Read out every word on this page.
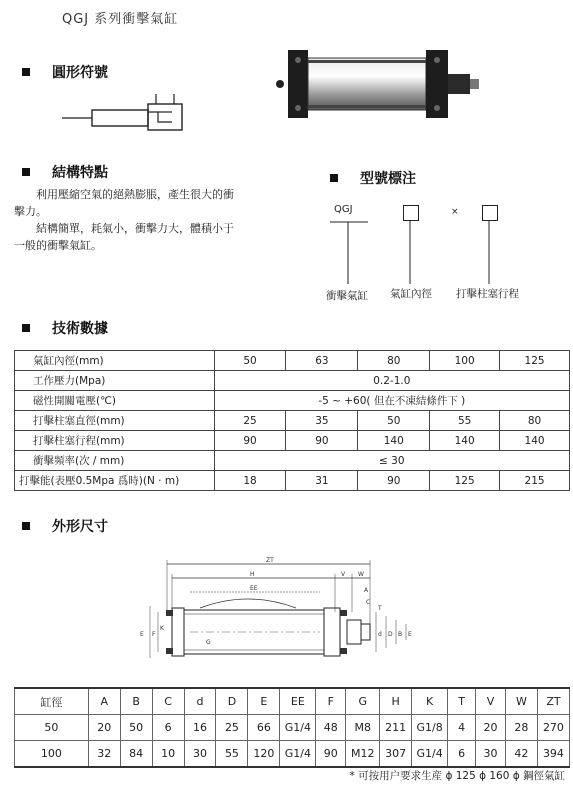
QGJ 系列衝擊氣缸
圓形符號
結構特點
利用壓縮空氣的絕熱膨脹，產生很大的衝擊力。
結構簡單，耗氣小，衝擊力大，體積小于一般的衝擊氣缸。
型號標注
QGJ	×
衝擊氣缸 氣缸內徑 打擊柱塞行程
技術數據
氣缸內徑(mm)	50	63	80	100	125
工作壓力(Mpa)	0.2-1.0				
磁性開關電壓(℃)	-5 ~ +60( 但在不凍結條件下 )				
打擊柱塞直徑(mm)	25	35	50	55	80
打擊柱塞行程(mm)	90	90	140	140	140
衝擊頻率(次 / mm)	≤ 30				
打擊能(表壓0.5Mpa 爲時)(N · m)	18	31	90	125	215
外形尺寸
ZT
H
EE
V W
A
C
T
d D B E
E F
K
G
缸徑	A	B	C	d	D	E	EE	F	G	H	K	T	V	W	ZT
50	20	50	6	16	25	66	G1/4	48	M8	211	G1/8	4	20	28	270
100	32	84	10	30	55	120	G1/4	90	M12	307	G1/4	6	30	42	394
* 可按用户要求生産 ϕ 125 ϕ 160 ϕ 鋼徑氣缸
